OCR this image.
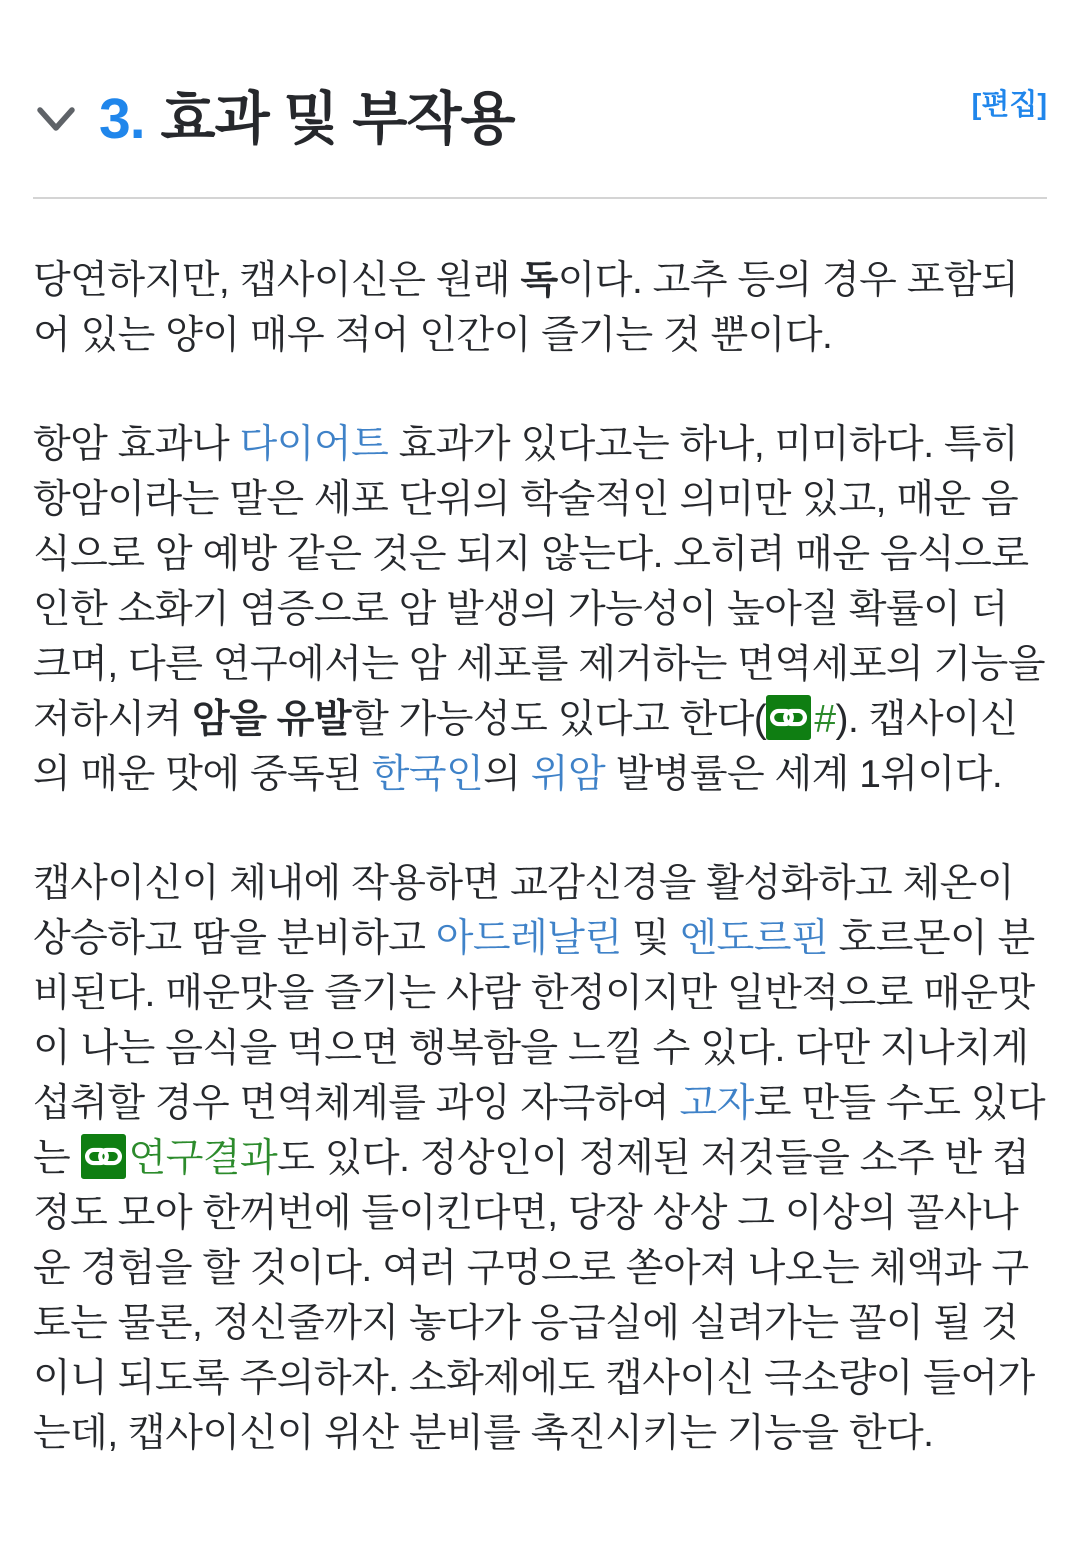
3. 효과 및 부작용	[편집]

당연하지만, 캡사이신은 원래 독이다. 고추 등의 경우 포함되어 있는 양이 매우 적어 인간이 즐기는 것 뿐이다.

항암 효과나 다이어트 효과가 있다고는 하나, 미미하다. 특히 항암이라는 말은 세포 단위의 학술적인 의미만 있고, 매운 음식으로 암 예방 같은 것은 되지 않는다. 오히려 매운 음식으로 인한 소화기 염증으로 암 발생의 가능성이 높아질 확률이 더 크며, 다른 연구에서는 암 세포를 제거하는 면역세포의 기능을 저하시켜 암을 유발할 가능성도 있다고 한다( #). 캡사이신의 매운 맛에 중독된 한국인의 위암 발병률은 세계 1위이다.

캡사이신이 체내에 작용하면 교감신경을 활성화하고 체온이 상승하고 땀을 분비하고 아드레날린 및 엔도르핀 호르몬이 분비된다. 매운맛을 즐기는 사람 한정이지만 일반적으로 매운맛이 나는 음식을 먹으면 행복함을 느낄 수 있다. 다만 지나치게 섭취할 경우 면역체계를 과잉 자극하여 고자로 만들 수도 있다는
연구결과도 있다. 정상인이 정제된 저것들을 소주 반 컵 정도 모아 한꺼번에 들이킨다면, 당장 상상 그 이상의 꼴사나운 경험을 할 것이다. 여러 구멍으로 쏟아져 나오는 체액과 구토는 물론, 정신줄까지 놓다가 응급실에 실려가는 꼴이 될 것이니 되도록 주의하자. 소화제에도 캡사이신 극소량이 들어가는데, 캡사이신이 위산 분비를 촉진시키는 기능을 한다.
